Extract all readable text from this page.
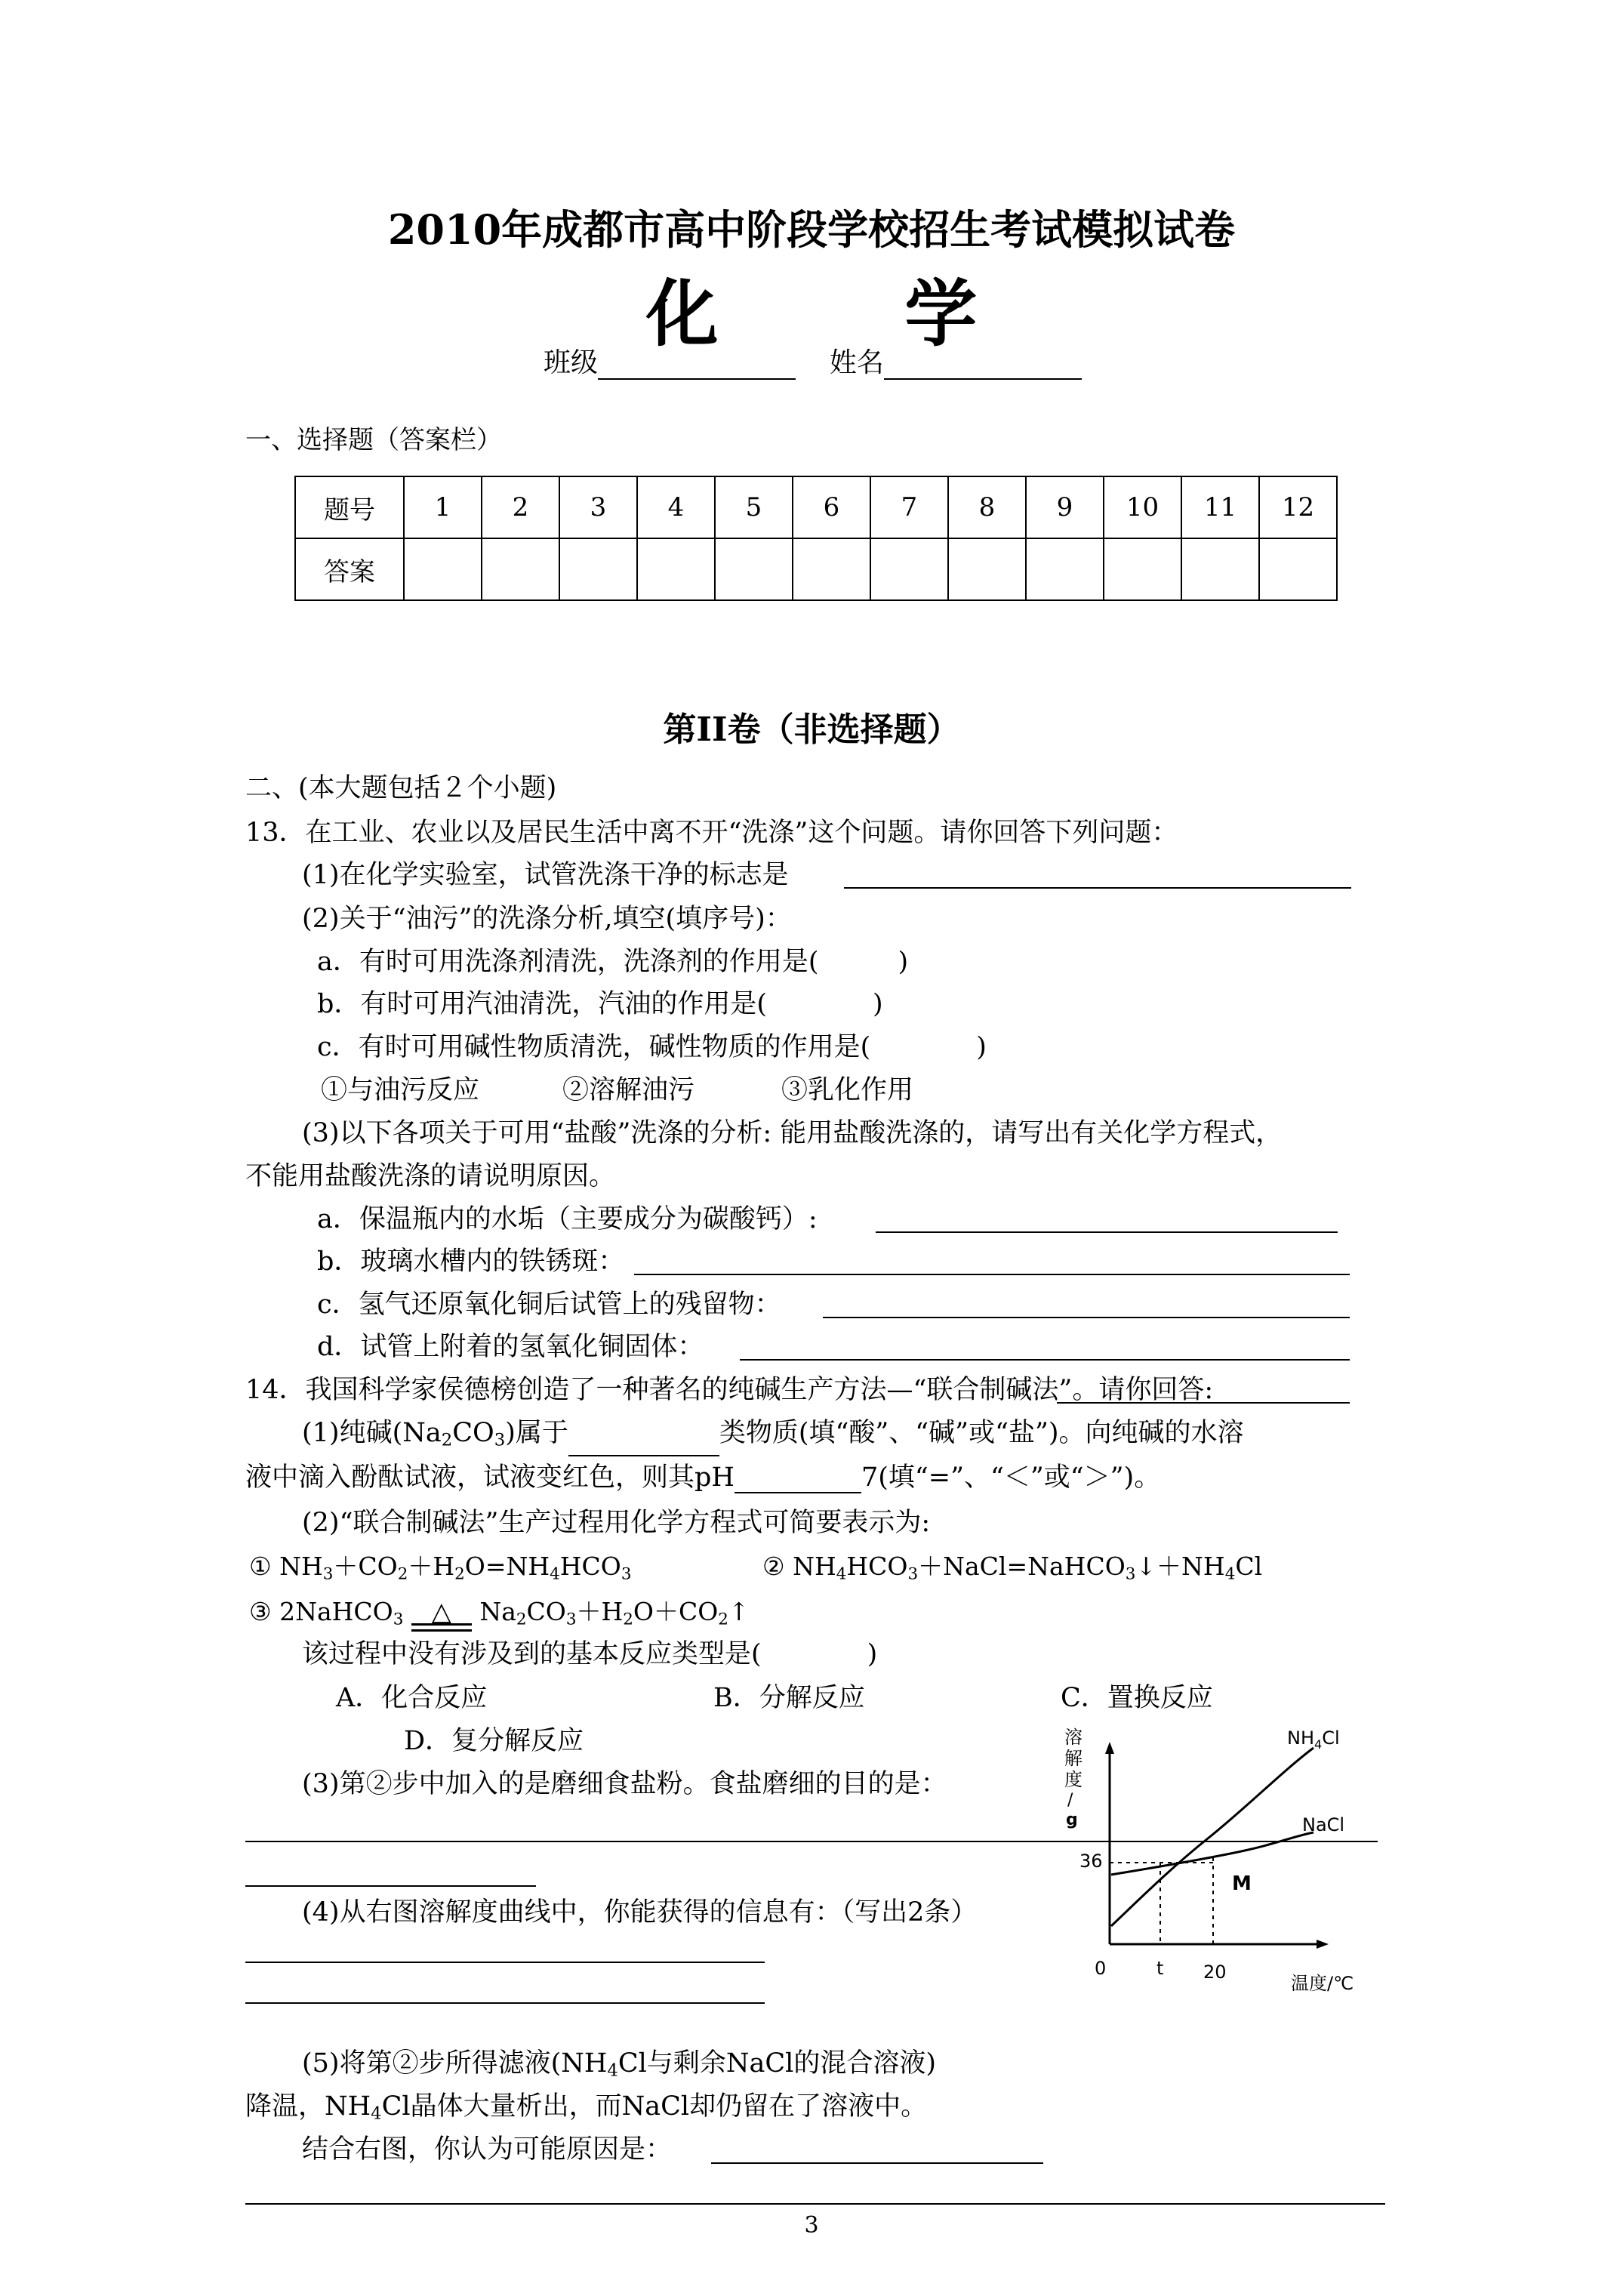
2010年成都市高中阶段学校招生考试模拟试卷
化	学
班级	姓名
一、选择题（答案栏）
题号	1	2	3	4	5	6	7	8	9	10	11	12
答案												
第II卷（非选择题）
二、(本大题包括２个小题)
13．在工业、农业以及居民生活中离不开“洗涤”这个问题。请你回答下列问题：
(1)在化学实验室，试管洗涤干净的标志是
(2)关于“油污”的洗涤分析,填空(填序号)：
a．有时可用洗涤剂清洗，洗涤剂的作用是(　　　)
b．有时可用汽油清洗，汽油的作用是(　　　　)
c．有时可用碱性物质清洗，碱性物质的作用是(　　　　)
①与油污反应	②溶解油污	③乳化作用
(3)以下各项关于可用“盐酸”洗涤的分析: 能用盐酸洗涤的，请写出有关化学方程式，
不能用盐酸洗涤的请说明原因。
a．保温瓶内的水垢（主要成分为碳酸钙）:
b．玻璃水槽内的铁锈斑：
c．氢气还原氧化铜后试管上的残留物：
d．试管上附着的氢氧化铜固体：
14．我国科学家侯德榜创造了一种著名的纯碱生产方法—“联合制碱法”。请你回答:
(1)纯碱$(Na_2CO_3)$属于	类物质(填“酸”、“碱”或“盐”)。向纯碱的水溶
液中滴入酚酞试液，试液变红色，则其pH	7(填“=”、“＜”或“＞”)。
(2)“联合制碱法”生产过程用化学方程式可简要表示为:
① $NH_3+CO_2+H_2O=NH_4HCO_3$	② $NH_4HCO_3+NaCl=NaHCO_3↓+NH_4Cl$
③ 2NaHCO$_3$ △
$Na_2CO_3+H_2O+CO_2↑$
该过程中没有涉及到的基本反应类型是(　　　　)
A．化合反应	B．分解反应	C．置换反应
D．复分解反应
(3)第②步中加入的是磨细食盐粉。食盐磨细的目的是：
(4)从右图溶解度曲线中，你能获得的信息有：（写出2条）
(5)将第②步所得滤液($NH_4Cl$与剩余NaCl的混合溶液)
降温，$NH_4Cl$晶体大量析出，而NaCl却仍留在了溶液中。
结合右图，你认为可能原因是：
溶
解
度
/
g
36
$NH_4Cl$
NaCl
M
0	t 20
温度/℃
3
